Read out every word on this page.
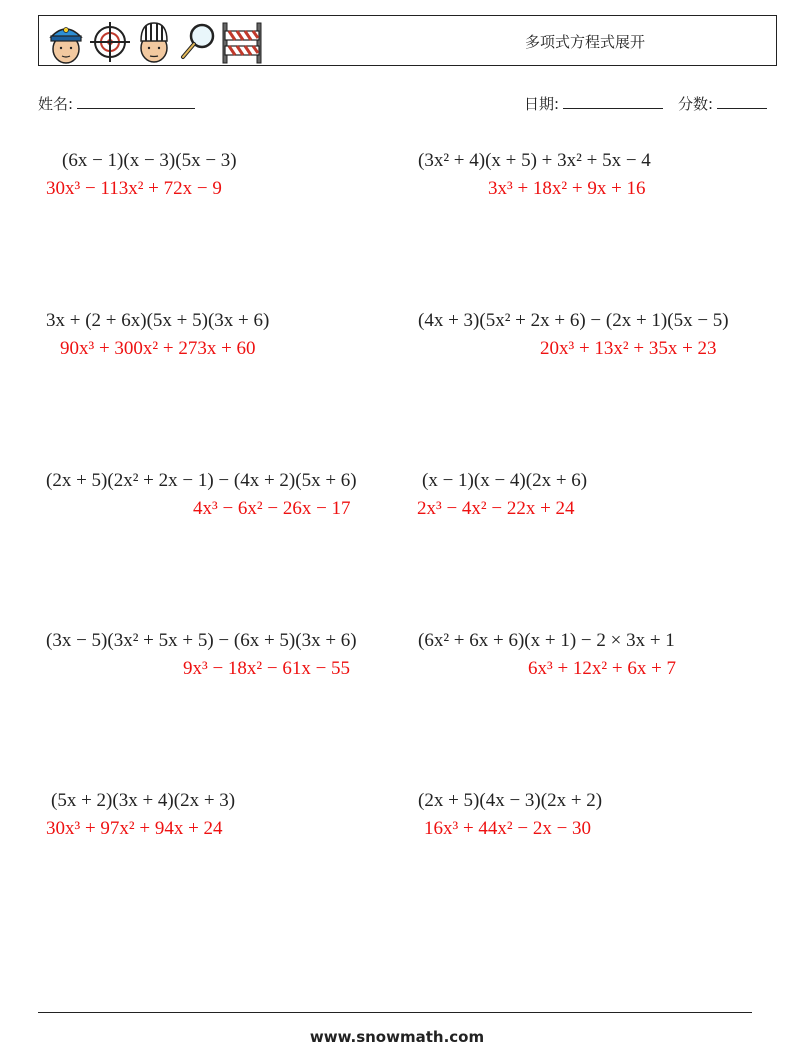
多项式方程式展开
姓名:	日期:	分数:
(6x − 1)(x − 3)(5x − 3)
30x³ − 113x² + 72x − 9
(3x² + 4)(x + 5) + 3x² + 5x − 4
3x³ + 18x² + 9x + 16
3x + (2 + 6x)(5x + 5)(3x + 6)
90x³ + 300x² + 273x + 60
(4x + 3)(5x² + 2x + 6) − (2x + 1)(5x − 5)
20x³ + 13x² + 35x + 23
(2x + 5)(2x² + 2x − 1) − (4x + 2)(5x + 6)
4x³ − 6x² − 26x − 17
(x − 1)(x − 4)(2x + 6)
2x³ − 4x² − 22x + 24
(3x − 5)(3x² + 5x + 5) − (6x + 5)(3x + 6)
9x³ − 18x² − 61x − 55
(6x² + 6x + 6)(x + 1) − 2 × 3x + 1
6x³ + 12x² + 6x + 7
(5x + 2)(3x + 4)(2x + 3)
30x³ + 97x² + 94x + 24
(2x + 5)(4x − 3)(2x + 2)
16x³ + 44x² − 2x − 30
www.snowmath.com
